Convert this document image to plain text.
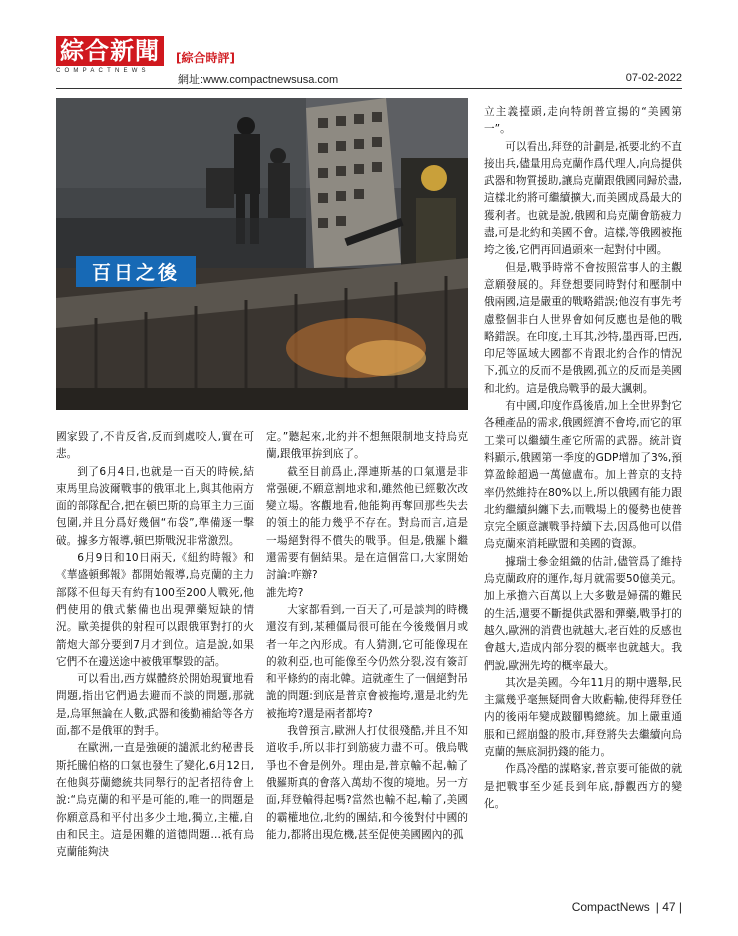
綜合新聞
COMPACTNEWS
[綜合時評]
網址:www.compactnewsusa.com	07-02-2022
百日之後

國家毀了,不肯反省,反而到處咬人,實在可悲。

到了6月4日,也就是一百天的時候,結束馬里烏波爾戰事的俄軍北上,與其他兩方面的部隊配合,把在頓巴斯的烏軍主力三面包圍,并且分爲好幾個“布袋”,準備逐一擊破。據多方報導,頓巴斯戰況非常激烈。

6月9日和10日兩天,《紐約時報》和《華盛頓郵報》都開始報導,烏克蘭的主力部隊不但每天有約有100至200人戰死,他們使用的俄式紫備也出現彈藥短缺的情況。歐美提供的射程可以跟俄軍對打的火箭炮大部分要到7月才到位。這是說,如果它們不在邊送途中被俄軍擊毀的話。

可以看出,西方媒體終於開始現實地看問題,指出它們過去避而不談的問題,那就是,烏軍無論在人數,武器和後勤補給等各方面,都不是俄軍的對手。

在歐洲,一直是強硬的譴派北約秘書長斯托騰伯格的口氣也發生了變化,6月12日,在他與芬蘭總統共同舉行的記者招待會上說:“烏克蘭的和平是可能的,唯一的問題是你願意爲和平付出多少土地,獨立,主權,自由和民主。這是困難的道德問題…祇有烏克蘭能夠決

定。”聽起來,北約并不想無限制地支持烏克蘭,跟俄軍拚到底了。

截至目前爲止,澤連斯基的口氣還是非常强硬,不願意割地求和,雖然他已經數次改變立場。客觀地看,他能夠再奪回那些失去的領土的能力幾乎不存在。對烏而言,這是一場絕對得不償失的戰爭。但是,俄羅卜繼還需要有個結果。是在這個當口,大家開始討論:咋辦?

誰先垮?

大家都看到,一百天了,可是談判的時機還沒有到,某種僵局很可能在今後幾個月或者一年之內形成。有人猜測,它可能像現在的敘利亞,也可能像至今仍然分裂,沒有簽訂和平條約的南北韓。這就產生了一個絕對吊詭的問題:到底是普京會被拖垮,還是北約先被拖垮?還是兩者都垮?

我曾預言,歐洲人打仗很殘酷,并且不知道收手,所以非打到筋疲力盡不可。俄烏戰爭也不會是例外。理由是,普京輸不起,輸了俄羅斯真的會落入萬劫不復的境地。另一方面,拜登輸得起嗎?當然也輸不起,輸了,美國的霸權地位,北約的團結,和今後對付中國的能力,都將出現危機,甚至促使美國國內的孤

立主義擡頭,走向特朗普宣揚的“美國第一”。

可以看出,拜登的計劃是,祇要北約不直接出兵,儘量用烏克蘭作爲代理人,向烏提供武器和物質援助,讓烏克蘭跟俄國同歸於盡,這樣北約將可繼續擴大,而美國成爲最大的獲利者。也就是說,俄國和烏克蘭會筋疲力盡,可是北約和美國不會。這樣,等俄國被拖垮之後,它們再回過頭來一起對付中國。

但是,戰爭時常不會按照當事人的主觀意願發展的。拜登想要同時對付和壓制中俄兩國,這是嚴重的戰略錯誤;他沒有事先考慮整個非白人世界會如何反應也是他的戰略錯誤。在印度,土耳其,沙特,墨西哥,巴西,印尼等區域大國都不肯跟北約合作的情況下,孤立的反而不是俄國,孤立的反而是美國和北約。這是俄烏戰爭的最大諷刺。

有中國,印度作爲後盾,加上全世界對它各種產品的需求,俄國經濟不會垮,而它的軍工業可以繼續生產它所需的武器。統計資料顯示,俄國第一季度的GDP增加了3%,預算盈餘超過一萬億盧布。加上普京的支持率仍然維持在80%以上,所以俄國有能力跟北約繼續糾纏下去,而戰場上的優勢也使普京完全願意讓戰爭持續下去,因爲他可以借烏克蘭來消耗歐盟和美國的資源。

據瑞士參金組織的估計,儘管爲了維持烏克蘭政府的運作,每月就需要50億美元。加上承擔六百萬以上大多數是婦孺的難民的生活,還要不斷提供武器和彈藥,戰爭打的越久,歐洲的消費也就越大,老百姓的反感也會越大,造成内部分裂的概率也就越大。我們說,歐洲先垮的概率最大。

其次是美國。今年11月的期中選舉,民主黨幾乎毫無疑問會大敗虧輸,使得拜登任内的後兩年變成跛腳鴨總統。加上嚴重通脹和已經崩盤的股市,拜登將失去繼續向烏克蘭的無底洞扔錢的能力。

作爲冷酷的謀略家,普京要可能做的就是把戰事至少延長到年底,靜觀西方的變化。

CompactNews | 47 |
